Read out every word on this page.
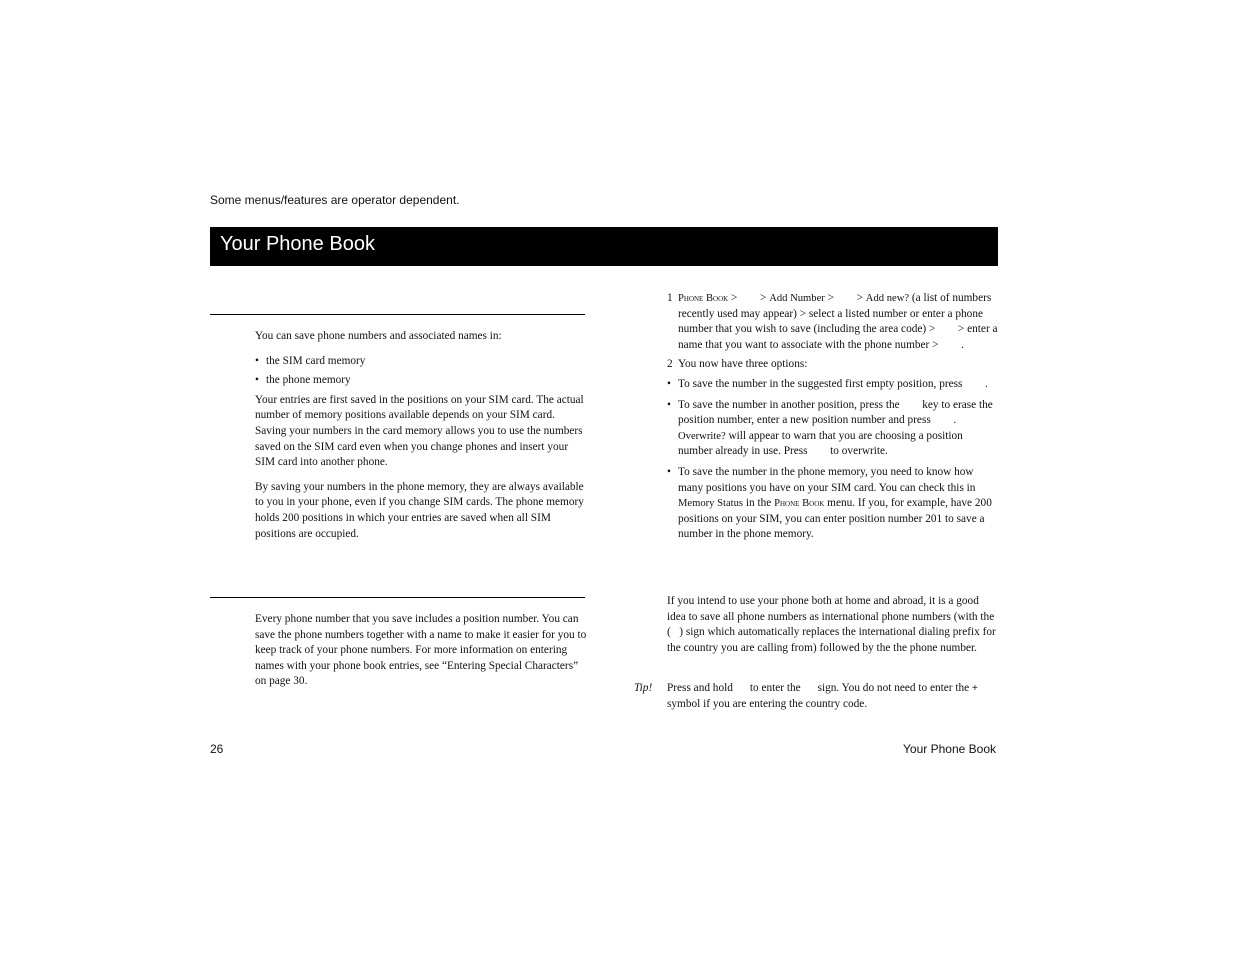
Some menus/features are operator dependent.
Your Phone Book

You can save phone numbers and associated names in:

• the SIM card memory

• the phone memory

Your entries are first saved in the positions on your SIM card. The actual number of memory positions available depends on your SIM card. Saving your numbers in the card memory allows you to use the numbers saved on the SIM card even when you change phones and insert your SIM card into another phone.

By saving your numbers in the phone memory, they are always available to you in your phone, even if you change SIM cards. The phone memory holds 200 positions in which your entries are saved when all SIM positions are occupied.

Every phone number that you save includes a position number. You can save the phone numbers together with a name to make it easier for you to keep track of your phone numbers. For more information on entering names with your phone book entries, see “Entering Special Characters” on page 30.

1 Phone Book >        > Add Number >        > Add new? (a list of numbers recently used may appear) > select a listed number or enter a phone number that you wish to save (including the area code) >        > enter a name that you want to associate with the phone number >        .

2 You now have three options:

• To save the number in the suggested first empty position, press        .

• To save the number in another position, press the        key to erase the position number, enter a new position number and press        . Overwrite? will appear to warn that you are choosing a position number already in use. Press        to overwrite.

• To save the number in the phone memory, you need to know how many positions you have on your SIM card. You can check this in Memory Status in the Phone Book menu. If you, for example, have 200 positions on your SIM, you can enter position number 201 to save a number in the phone memory.

If you intend to use your phone both at home and abroad, it is a good idea to save all phone numbers as international phone numbers (with the (   ) sign which automatically replaces the international dialing prefix for the country you are calling from) followed by the the phone number.

Tip! Press and hold      to enter the      sign. You do not need to enter the + symbol if you are entering the country code.

26	Your Phone Book
